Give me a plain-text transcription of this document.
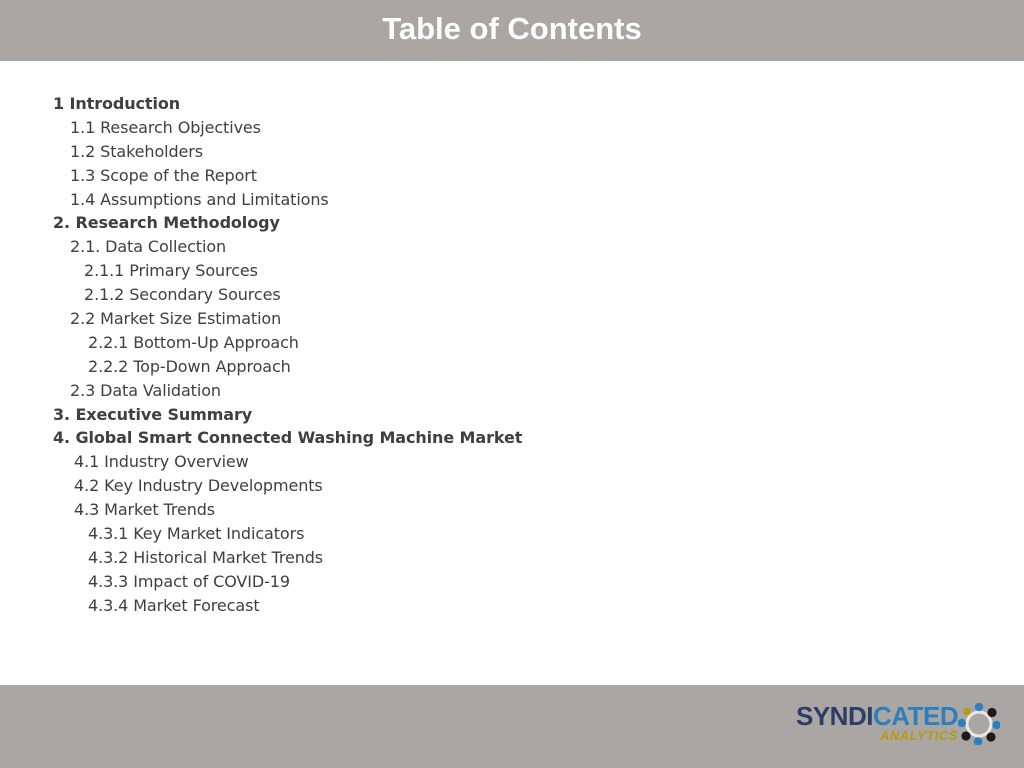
Table of Contents
1 Introduction
1.1 Research Objectives
1.2 Stakeholders
1.3 Scope of the Report
1.4 Assumptions and Limitations
2. Research Methodology
2.1. Data Collection
2.1.1 Primary Sources
2.1.2 Secondary Sources
2.2 Market Size Estimation
2.2.1 Bottom-Up Approach
2.2.2 Top-Down Approach
2.3 Data Validation
3. Executive Summary
4. Global Smart Connected Washing Machine Market
4.1 Industry Overview
4.2 Key Industry Developments
4.3 Market Trends
4.3.1 Key Market Indicators
4.3.2 Historical Market Trends
4.3.3 Impact of COVID-19
4.3.4 Market Forecast
SYNDICATED
ANALYTICS
